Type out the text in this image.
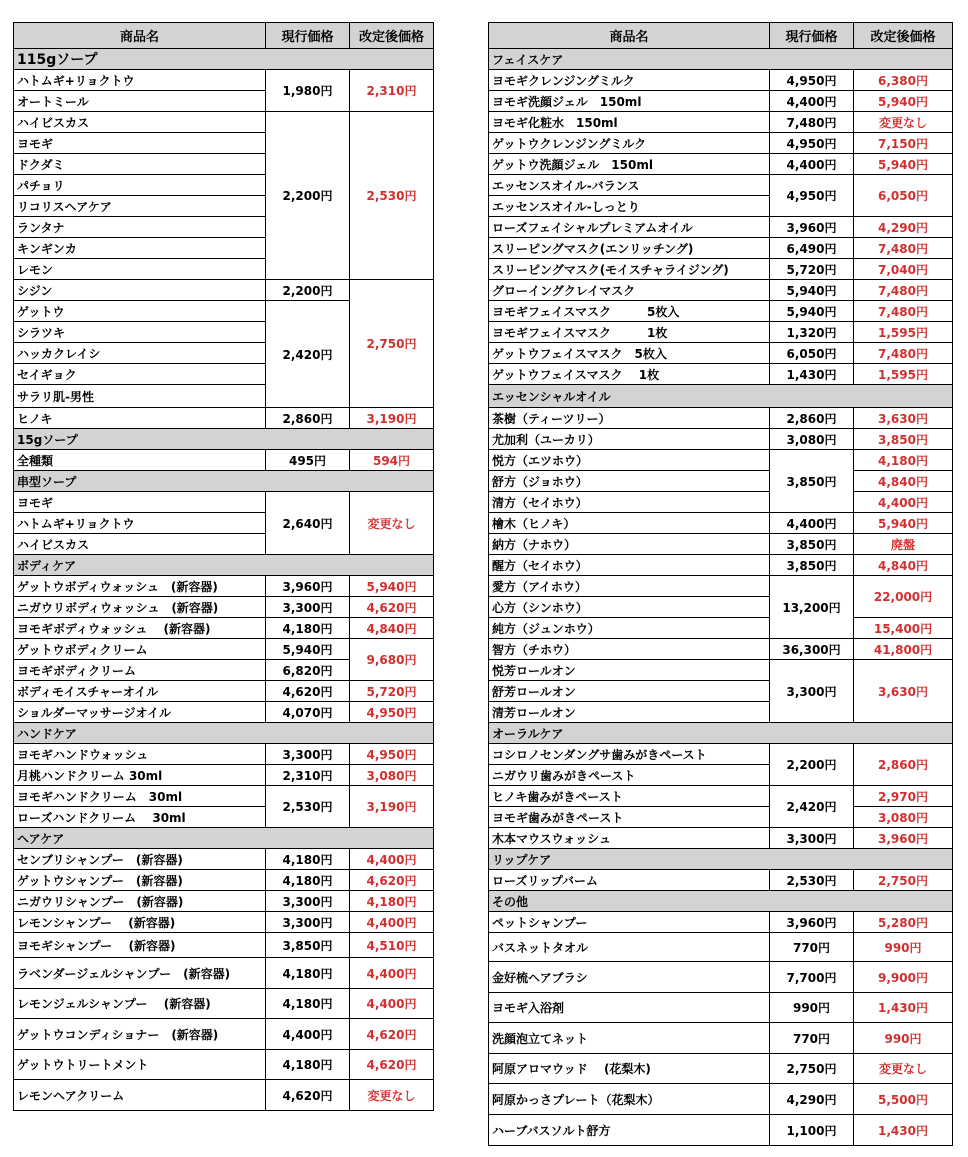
商品名	現行価格	改定後価格
115gソープ		
ハトムギ+リョクトウ	1,980円	2,310円
オートミール		
ハイビスカス	2,200円	2,530円
ヨモギ		
ドクダミ		
パチョリ		
リコリスヘアケア		
ランタナ		
キンギンカ		
レモン		
シジン	2,200円	2,750円
ゲットウ	2,420円	
シラツキ		
ハッカクレイシ		
セイギョク		
サラリ肌-男性		
ヒノキ	2,860円	3,190円
15gソープ		
全種類	495円	594円
串型ソープ		
ヨモギ	2,640円	変更なし
ハトムギ+リョクトウ		
ハイビスカス		
ボディケア		
ゲットウボディウォッシュ　(新容器)	3,960円	5,940円
ニガウリボディウォッシュ　(新容器)	3,300円	4,620円
ヨモギボディウォッシュ　 (新容器)	4,180円	4,840円
ゲットウボディクリーム	5,940円	9,680円
ヨモギボディクリーム	6,820円	
ボディモイスチャーオイル	4,620円	5,720円
ショルダーマッサージオイル	4,070円	4,950円
ハンドケア		
ヨモギハンドウォッシュ	3,300円	4,950円
月桃ハンドクリーム 30ml	2,310円	3,080円
ヨモギハンドクリーム　30ml	2,530円	3,190円
ローズハンドクリーム　 30ml		
ヘアケア		
センブリシャンプー　(新容器)	4,180円	4,400円
ゲットウシャンプー　(新容器)	4,180円	4,620円
ニガウリシャンプー　(新容器)	3,300円	4,180円
レモンシャンプー　 (新容器)	3,300円	4,400円
ヨモギシャンプー　 (新容器)	3,850円	4,510円
ラベンダージェルシャンプー　(新容器)	4,180円	4,400円
レモンジェルシャンプー　 (新容器)	4,180円	4,400円
ゲットウコンディショナー　(新容器)	4,400円	4,620円
ゲットウトリートメント	4,180円	4,620円
レモンヘアクリーム	4,620円	変更なし
商品名	現行価格	改定後価格
フェイスケア		
ヨモギクレンジングミルク	4,950円	6,380円
ヨモギ洗顔ジェル　150ml	4,400円	5,940円
ヨモギ化粧水　150ml	7,480円	変更なし
ゲットウクレンジングミルク	4,950円	7,150円
ゲットウ洗顔ジェル　150ml	4,400円	5,940円
エッセンスオイル-バランス	4,950円	6,050円
エッセンスオイル-しっとり		
ローズフェイシャルプレミアムオイル	3,960円	4,290円
スリーピングマスク(エンリッチング)	6,490円	7,480円
スリーピングマスク(モイスチャライジング)	5,720円	7,040円
グローイングクレイマスク	5,940円	7,480円
ヨモギフェイスマスク　　　5枚入	5,940円	7,480円
ヨモギフェイスマスク　　　1枚	1,320円	1,595円
ゲットウフェイスマスク　5枚入	6,050円	7,480円
ゲットウフェイスマスク　 1枚	1,430円	1,595円
エッセンシャルオイル		
茶樹（ティーツリー）	2,860円	3,630円
尤加利（ユーカリ）	3,080円	3,850円
悦方（エツホウ）	3,850円	4,180円
舒方（ジョホウ）		4,840円
清方（セイホウ）		4,400円
檜木（ヒノキ）	4,400円	5,940円
納方（ナホウ）	3,850円	廃盤
醒方（セイホウ）	3,850円	4,840円
愛方（アイホウ）	13,200円	22,000円
心方（シンホウ）		
純方（ジュンホウ）		15,400円
智方（チホウ）	36,300円	41,800円
悦芳ロールオン	3,300円	3,630円
舒芳ロールオン		
清芳ロールオン		
オーラルケア		
コシロノセンダングサ歯みがきペースト	2,200円	2,860円
ニガウリ歯みがきペースト		
ヒノキ歯みがきペースト	2,420円	2,970円
ヨモギ歯みがきペースト		3,080円
木本マウスウォッシュ	3,300円	3,960円
リップケア		
ローズリップバーム	2,530円	2,750円
その他		
ペットシャンプー	3,960円	5,280円
バスネットタオル	770円	990円
金好梳ヘアブラシ	7,700円	9,900円
ヨモギ入浴剤	990円	1,430円
洗顔泡立てネット	770円	990円
阿原アロマウッド　 (花梨木)	2,750円	変更なし
阿原かっさプレート（花梨木）	4,290円	5,500円
ハーブバスソルト舒方	1,100円	1,430円
